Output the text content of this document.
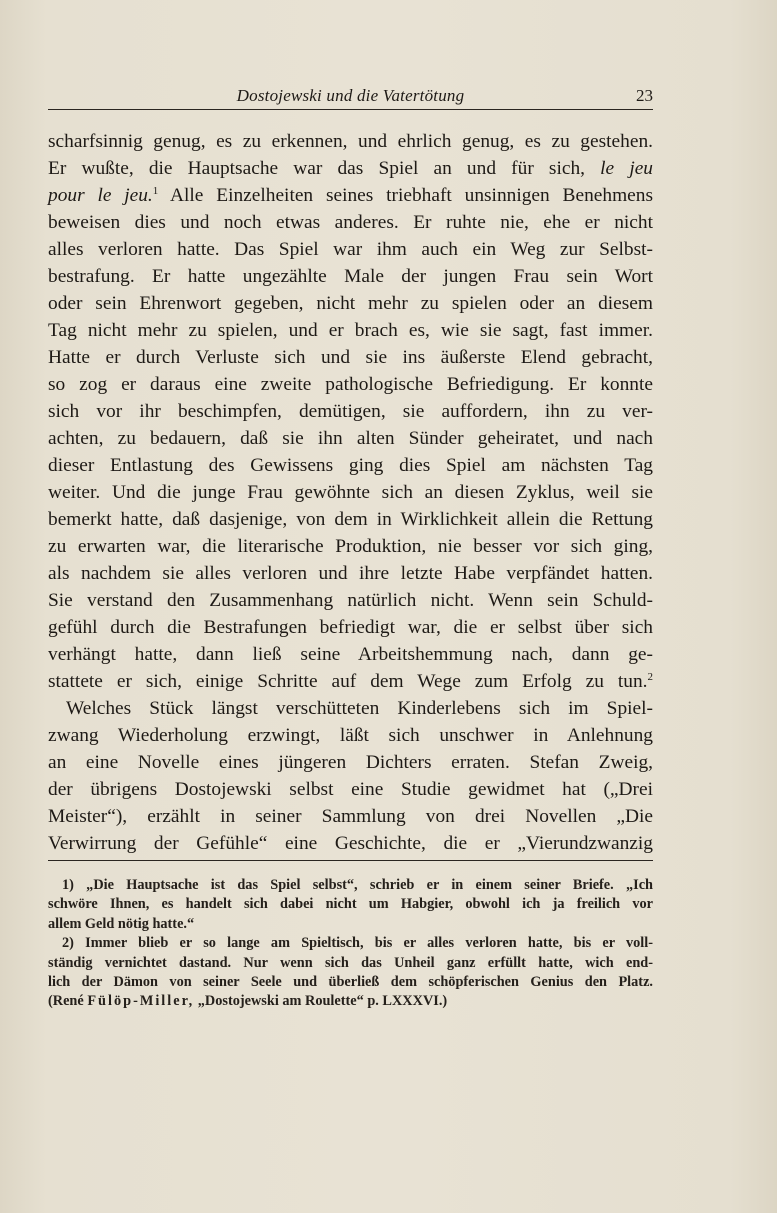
Dostojewski und die Vatertötung	23
scharfsinnig genug, es zu erkennen, und ehrlich genug, es zu gestehen.
Er wußte, die Hauptsache war das Spiel an und für sich, le jeu
pour le jeu.$^1$ Alle Einzelheiten seines triebhaft unsinnigen Benehmens
beweisen dies und noch etwas anderes. Er ruhte nie, ehe er nicht
alles verloren hatte. Das Spiel war ihm auch ein Weg zur Selbst-
bestrafung. Er hatte ungezählte Male der jungen Frau sein Wort
oder sein Ehrenwort gegeben, nicht mehr zu spielen oder an diesem
Tag nicht mehr zu spielen, und er brach es, wie sie sagt, fast immer.
Hatte er durch Verluste sich und sie ins äußerste Elend gebracht,
so zog er daraus eine zweite pathologische Befriedigung. Er konnte
sich vor ihr beschimpfen, demütigen, sie auffordern, ihn zu ver-
achten, zu bedauern, daß sie ihn alten Sünder geheiratet, und nach
dieser Entlastung des Gewissens ging dies Spiel am nächsten Tag
weiter. Und die junge Frau gewöhnte sich an diesen Zyklus, weil sie
bemerkt hatte, daß dasjenige, von dem in Wirklichkeit allein die Rettung
zu erwarten war, die literarische Produktion, nie besser vor sich ging,
als nachdem sie alles verloren und ihre letzte Habe verpfändet hatten.
Sie verstand den Zusammenhang natürlich nicht. Wenn sein Schuld-
gefühl durch die Bestrafungen befriedigt war, die er selbst über sich
verhängt hatte, dann ließ seine Arbeitshemmung nach, dann ge-
stattete er sich, einige Schritte auf dem Wege zum Erfolg zu tun.$^2$
Welches Stück längst verschütteten Kinderlebens sich im Spiel-
zwang Wiederholung erzwingt, läßt sich unschwer in Anlehnung
an eine Novelle eines jüngeren Dichters erraten. Stefan Zweig,
der übrigens Dostojewski selbst eine Studie gewidmet hat („Drei
Meister“), erzählt in seiner Sammlung von drei Novellen „Die
Verwirrung der Gefühle“ eine Geschichte, die er „Vierundzwanzig
1) „Die Hauptsache ist das Spiel selbst“, schrieb er in einem seiner Briefe. „Ich
schwöre Ihnen, es handelt sich dabei nicht um Habgier, obwohl ich ja freilich vor
allem Geld nötig hatte.“
2) Immer blieb er so lange am Spieltisch, bis er alles verloren hatte, bis er voll-
ständig vernichtet dastand. Nur wenn sich das Unheil ganz erfüllt hatte, wich end-
lich der Dämon von seiner Seele und überließ dem schöpferischen Genius den Platz.
(René Fülöp-Miller, „Dostojewski am Roulette“ p. LXXXVI.)
